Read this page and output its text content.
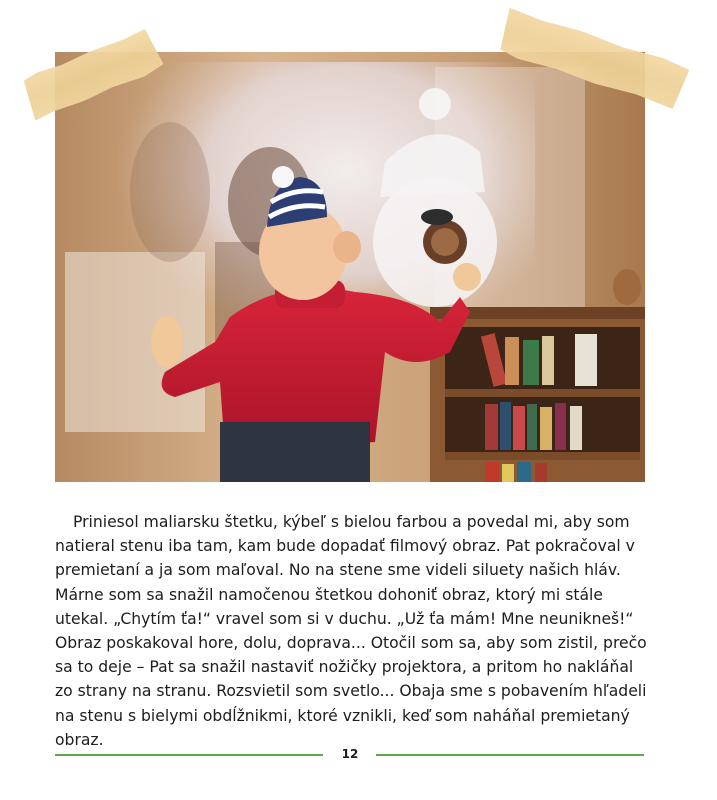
Priniesol maliarsku štetku, kýbeľ s bielou farbou a povedal mi, aby som natieral stenu iba tam, kam bude dopadať filmový obraz. Pat pokračoval v premietaní a ja som maľoval. No na stene sme videli siluety našich hláv. Márne som sa snažil namočenou štetkou dohoniť obraz, ktorý mi stále utekal. „Chytím ťa!“ vravel som si v duchu. „Už ťa mám! Mne neunikneš!“ Obraz poskakoval hore, dolu, doprava... Otočil som sa, aby som zistil, prečo sa to deje – Pat sa snažil nastaviť nožičky projektora, a pritom ho nakláňal zo strany na stranu. Rozsvietil som svetlo... Obaja sme s pobavením hľadeli na stenu s bielymi obdĺžnikmi, ktoré vznikli, keď som naháňal premietaný obraz.

12
